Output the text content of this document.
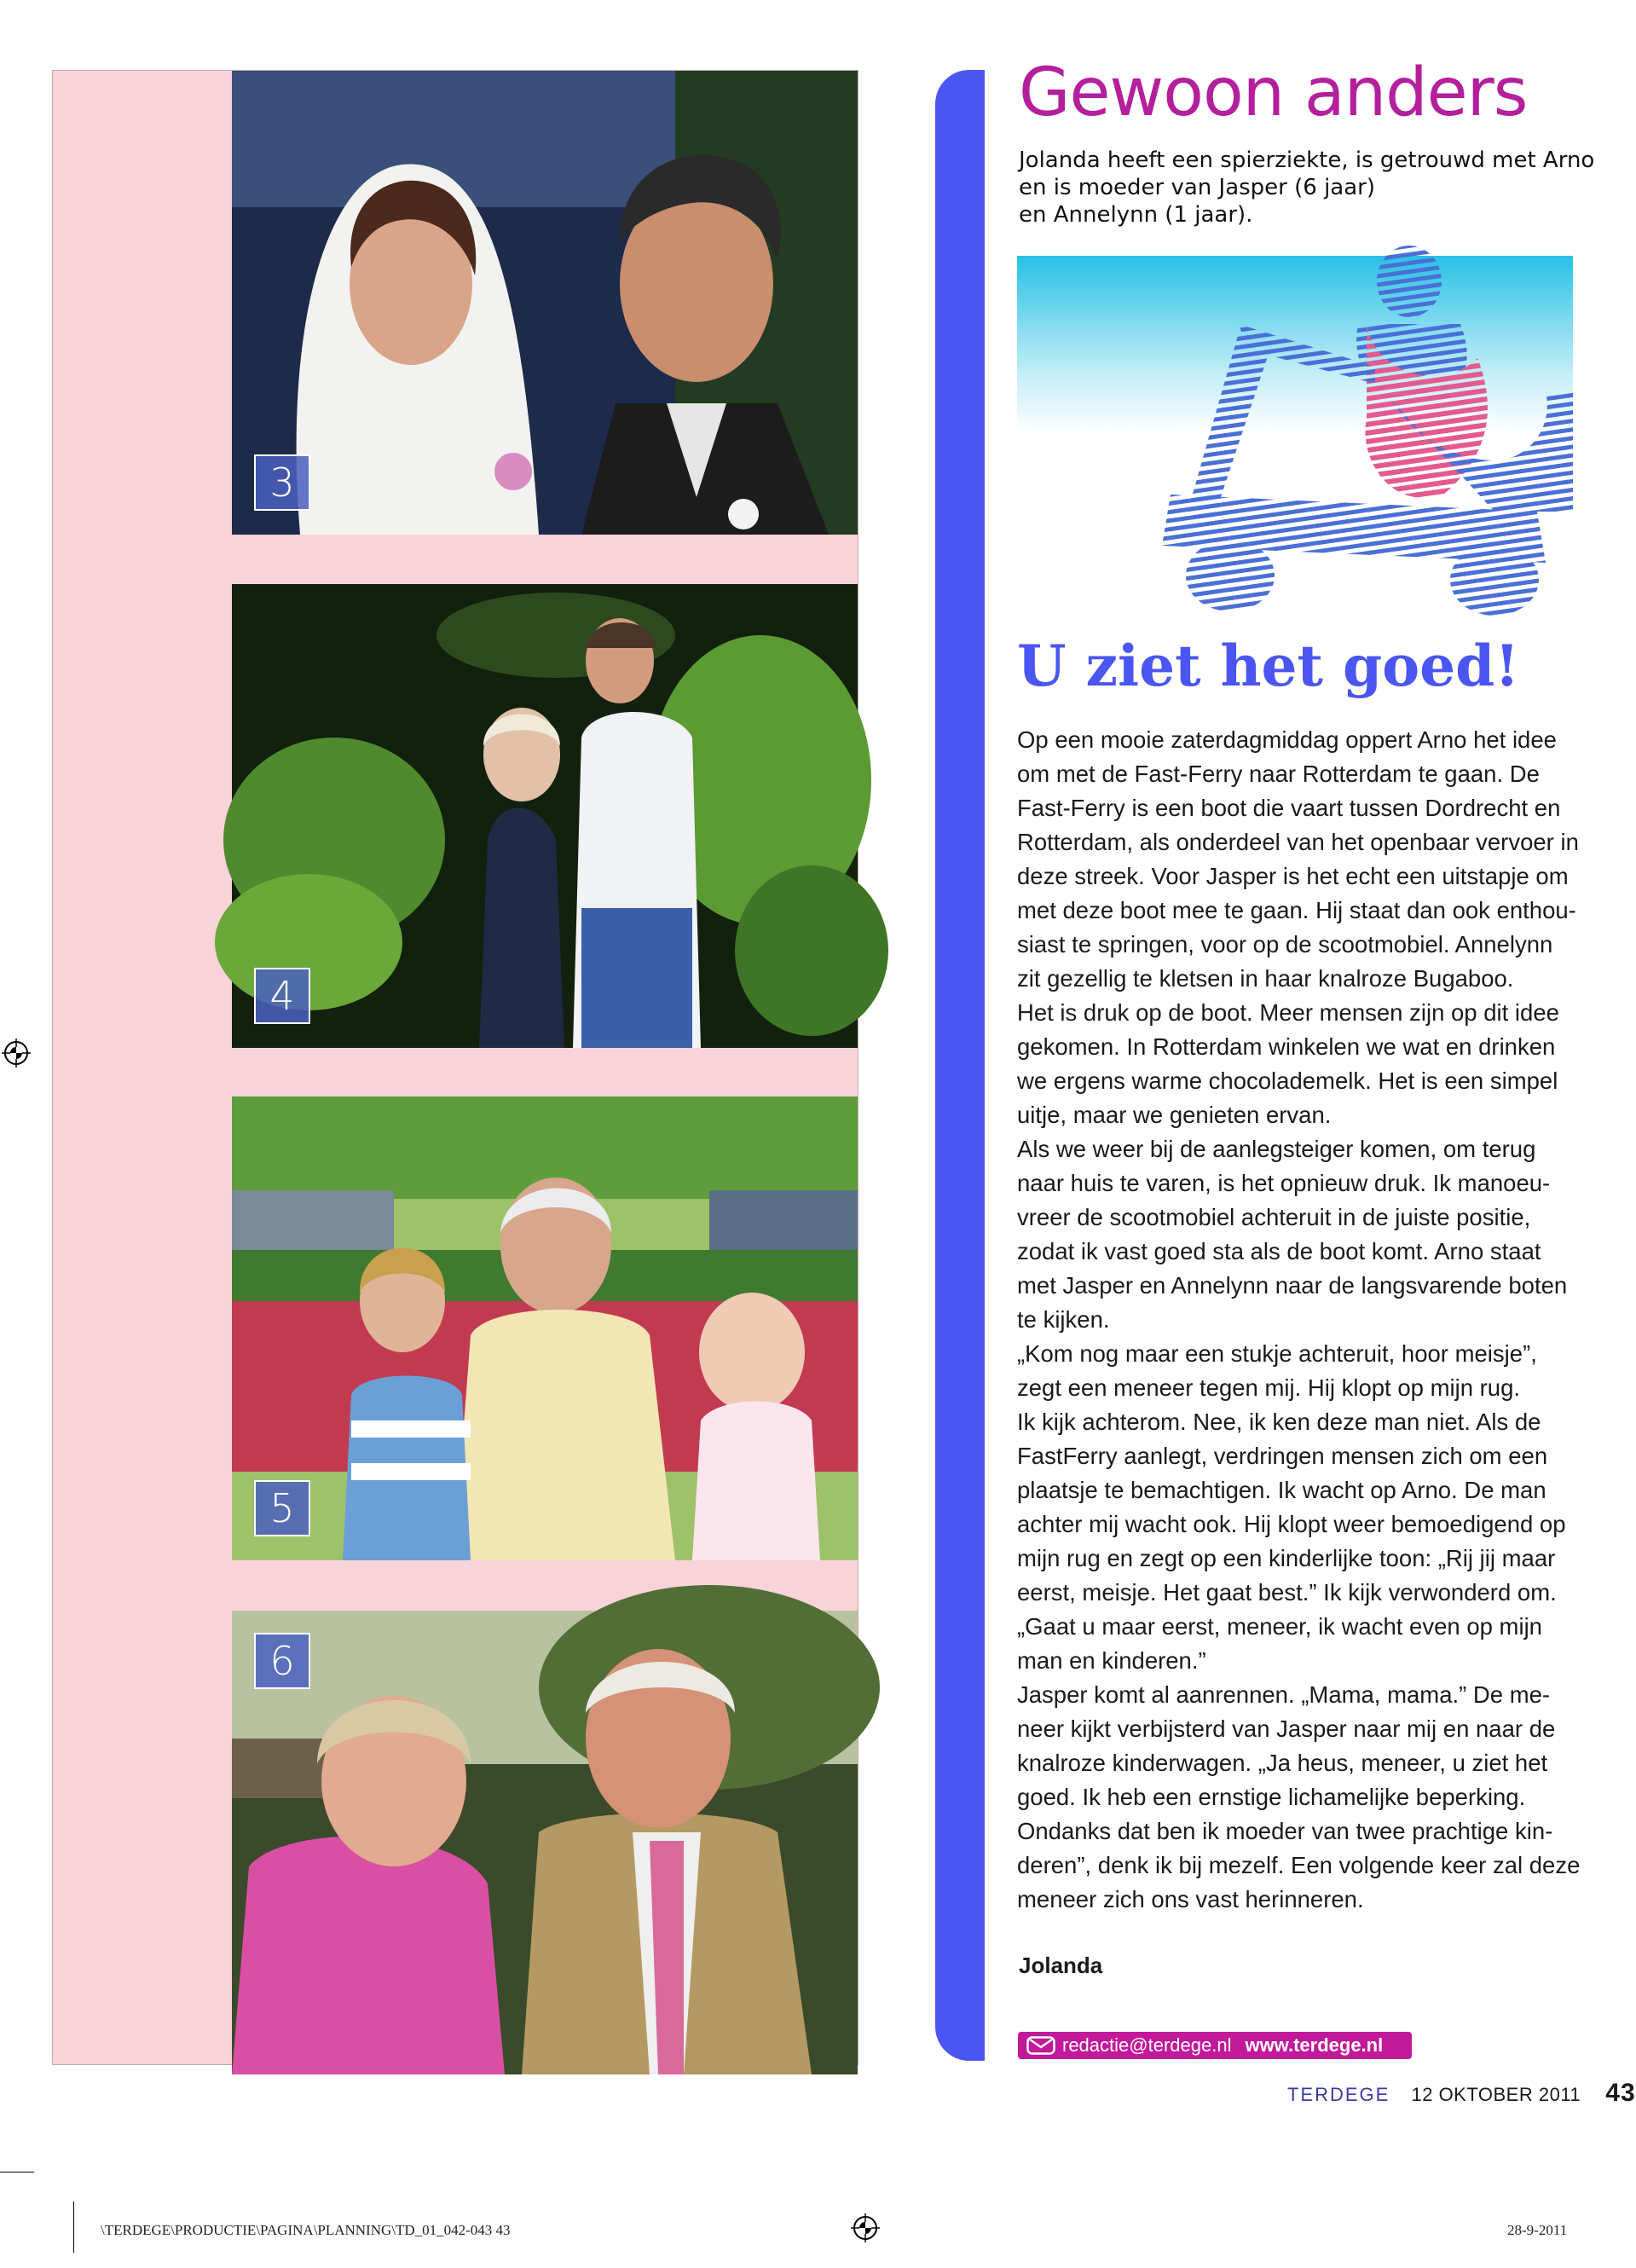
3
4
5
6
Gewoon anders
Jolanda heeft een spierziekte, is getrouwd met Arno
en is moeder van Jasper (6 jaar)
en Annelynn (1 jaar).
U ziet het goed!
Op een mooie zaterdagmiddag oppert Arno het idee
om met de Fast-Ferry naar Rotterdam te gaan. De
Fast-Ferry is een boot die vaart tussen Dordrecht en
Rotterdam, als onderdeel van het openbaar vervoer in
deze streek. Voor Jasper is het echt een uitstapje om
met deze boot mee te gaan. Hij staat dan ook enthou-
siast te springen, voor op de scootmobiel. Annelynn
zit gezellig te kletsen in haar knalroze Bugaboo.
Het is druk op de boot. Meer mensen zijn op dit idee
gekomen. In Rotterdam winkelen we wat en drinken
we ergens warme chocolademelk. Het is een simpel
uitje, maar we genieten ervan.
Als we weer bij de aanlegsteiger komen, om terug
naar huis te varen, is het opnieuw druk. Ik manoeu-
vreer de scootmobiel achteruit in de juiste positie,
zodat ik vast goed sta als de boot komt. Arno staat
met Jasper en Annelynn naar de langsvarende boten
te kijken.
„Kom nog maar een stukje achteruit, hoor meisje”,
zegt een meneer tegen mij. Hij klopt op mijn rug.
Ik kijk achterom. Nee, ik ken deze man niet. Als de
FastFerry aanlegt, verdringen mensen zich om een
plaatsje te bemachtigen. Ik wacht op Arno. De man
achter mij wacht ook. Hij klopt weer bemoedigend op
mijn rug en zegt op een kinderlijke toon: „Rij jij maar
eerst, meisje. Het gaat best.” Ik kijk verwonderd om.
„Gaat u maar eerst, meneer, ik wacht even op mijn
man en kinderen.”
Jasper komt al aanrennen. „Mama, mama.” De me-
neer kijkt verbijsterd van Jasper naar mij en naar de
knalroze kinderwagen. „Ja heus, meneer, u ziet het
goed. Ik heb een ernstige lichamelijke beperking.
Ondanks dat ben ik moeder van twee prachtige kin-
deren”, denk ik bij mezelf. Een volgende keer zal deze
meneer zich ons vast herinneren.
Jolanda
redactie@terdege.nl www.terdege.nl
TERDEGE 12 OKTOBER 2011 43
\TERDEGE\PRODUCTIE\PAGINA\PLANNING\TD_01_042-043 43	28-9-2011
